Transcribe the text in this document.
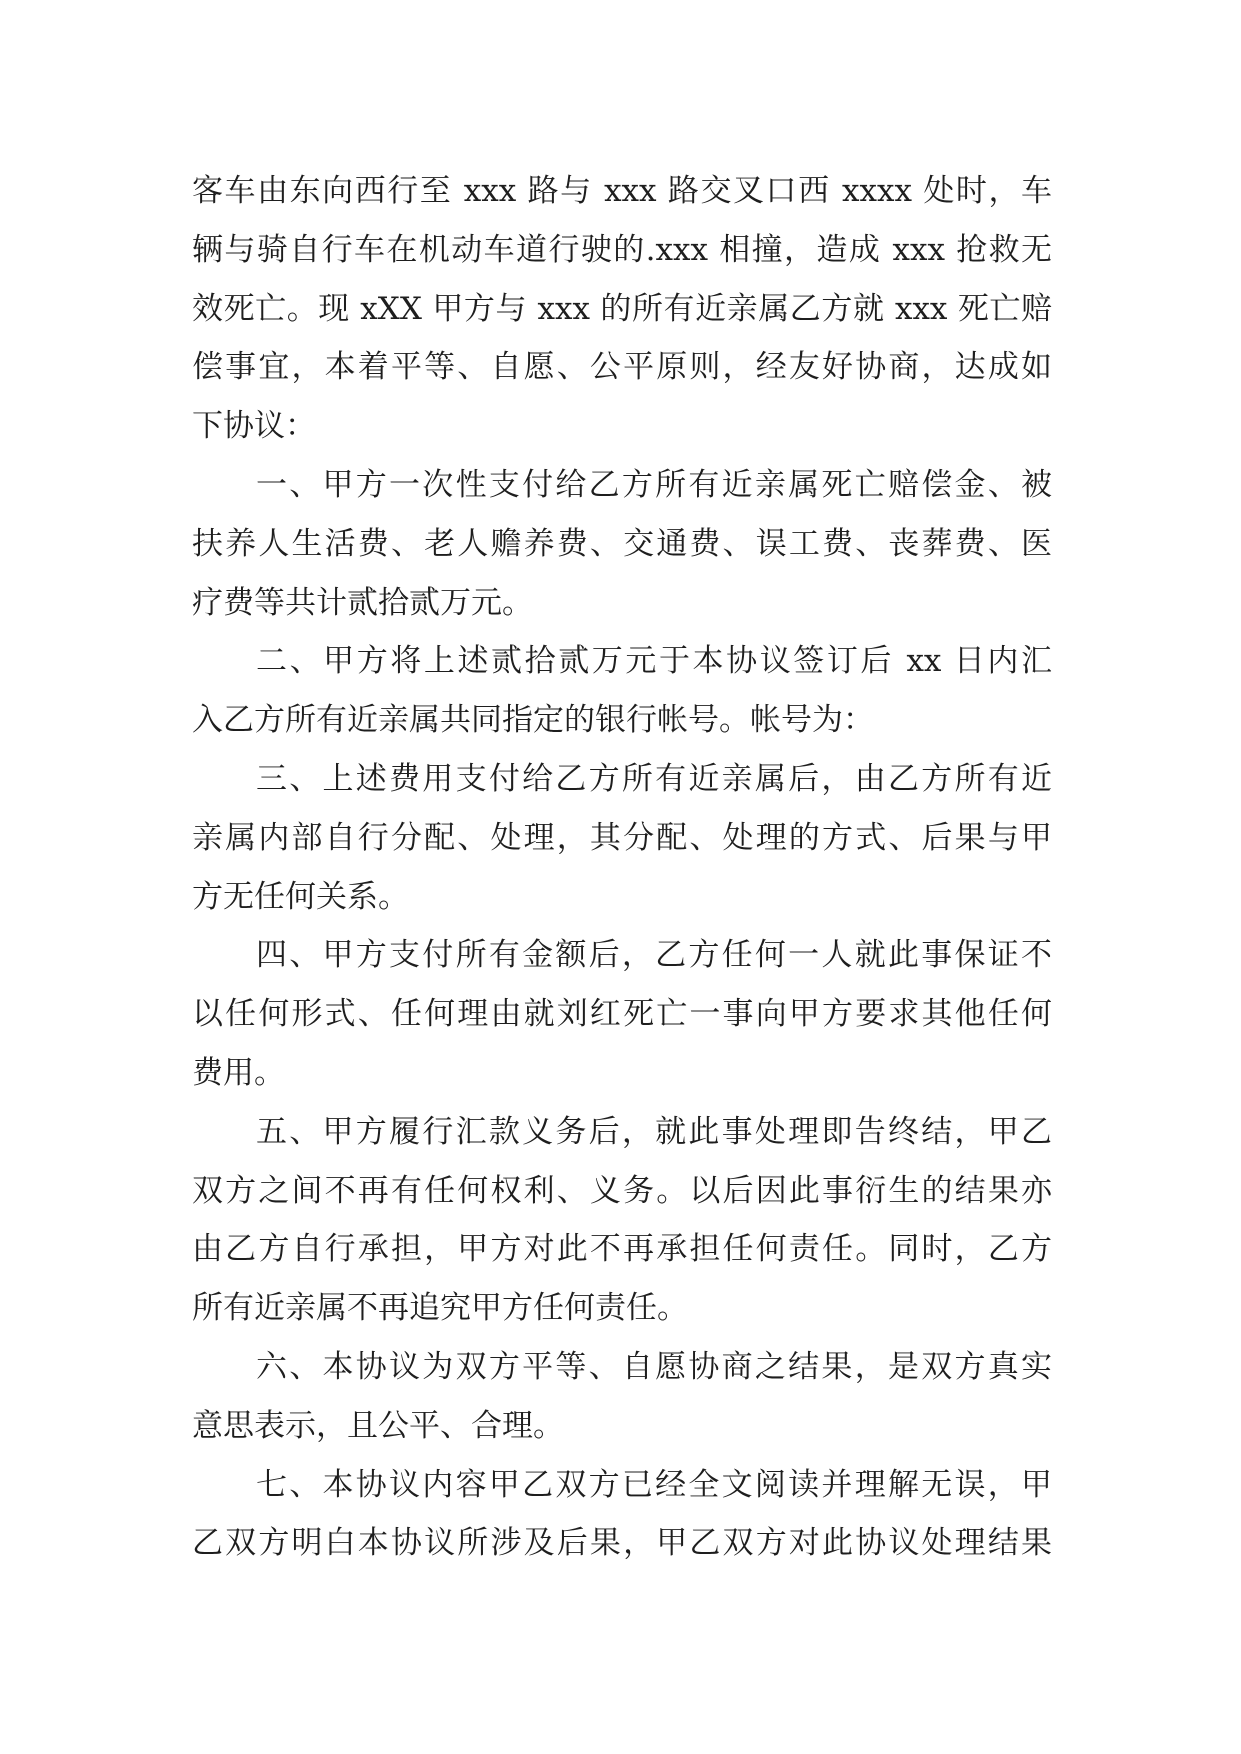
客车由东向西行至 xxx 路与 xxx 路交叉口西 xxxx 处时，车
辆与骑自行车在机动车道行驶的.xxx 相撞，造成 xxx 抢救无
效死亡。现 xXX 甲方与 xxx 的所有近亲属乙方就 xxx 死亡赔
偿事宜，本着平等、自愿、公平原则，经友好协商，达成如
下协议：
一、甲方一次性支付给乙方所有近亲属死亡赔偿金、被
扶养人生活费、老人赡养费、交通费、误工费、丧葬费、医
疗费等共计贰拾贰万元。
二、甲方将上述贰拾贰万元于本协议签订后 xx 日内汇
入乙方所有近亲属共同指定的银行帐号。帐号为：
三、上述费用支付给乙方所有近亲属后，由乙方所有近
亲属内部自行分配、处理，其分配、处理的方式、后果与甲
方无任何关系。
四、甲方支付所有金额后，乙方任何一人就此事保证不
以任何形式、任何理由就刘红死亡一事向甲方要求其他任何
费用。
五、甲方履行汇款义务后，就此事处理即告终结，甲乙
双方之间不再有任何权利、义务。以后因此事衍生的结果亦
由乙方自行承担，甲方对此不再承担任何责任。同时，乙方
所有近亲属不再追究甲方任何责任。
六、本协议为双方平等、自愿协商之结果，是双方真实
意思表示，且公平、合理。
七、本协议内容甲乙双方已经全文阅读并理解无误，甲
乙双方明白本协议所涉及后果，甲乙双方对此协议处理结果
